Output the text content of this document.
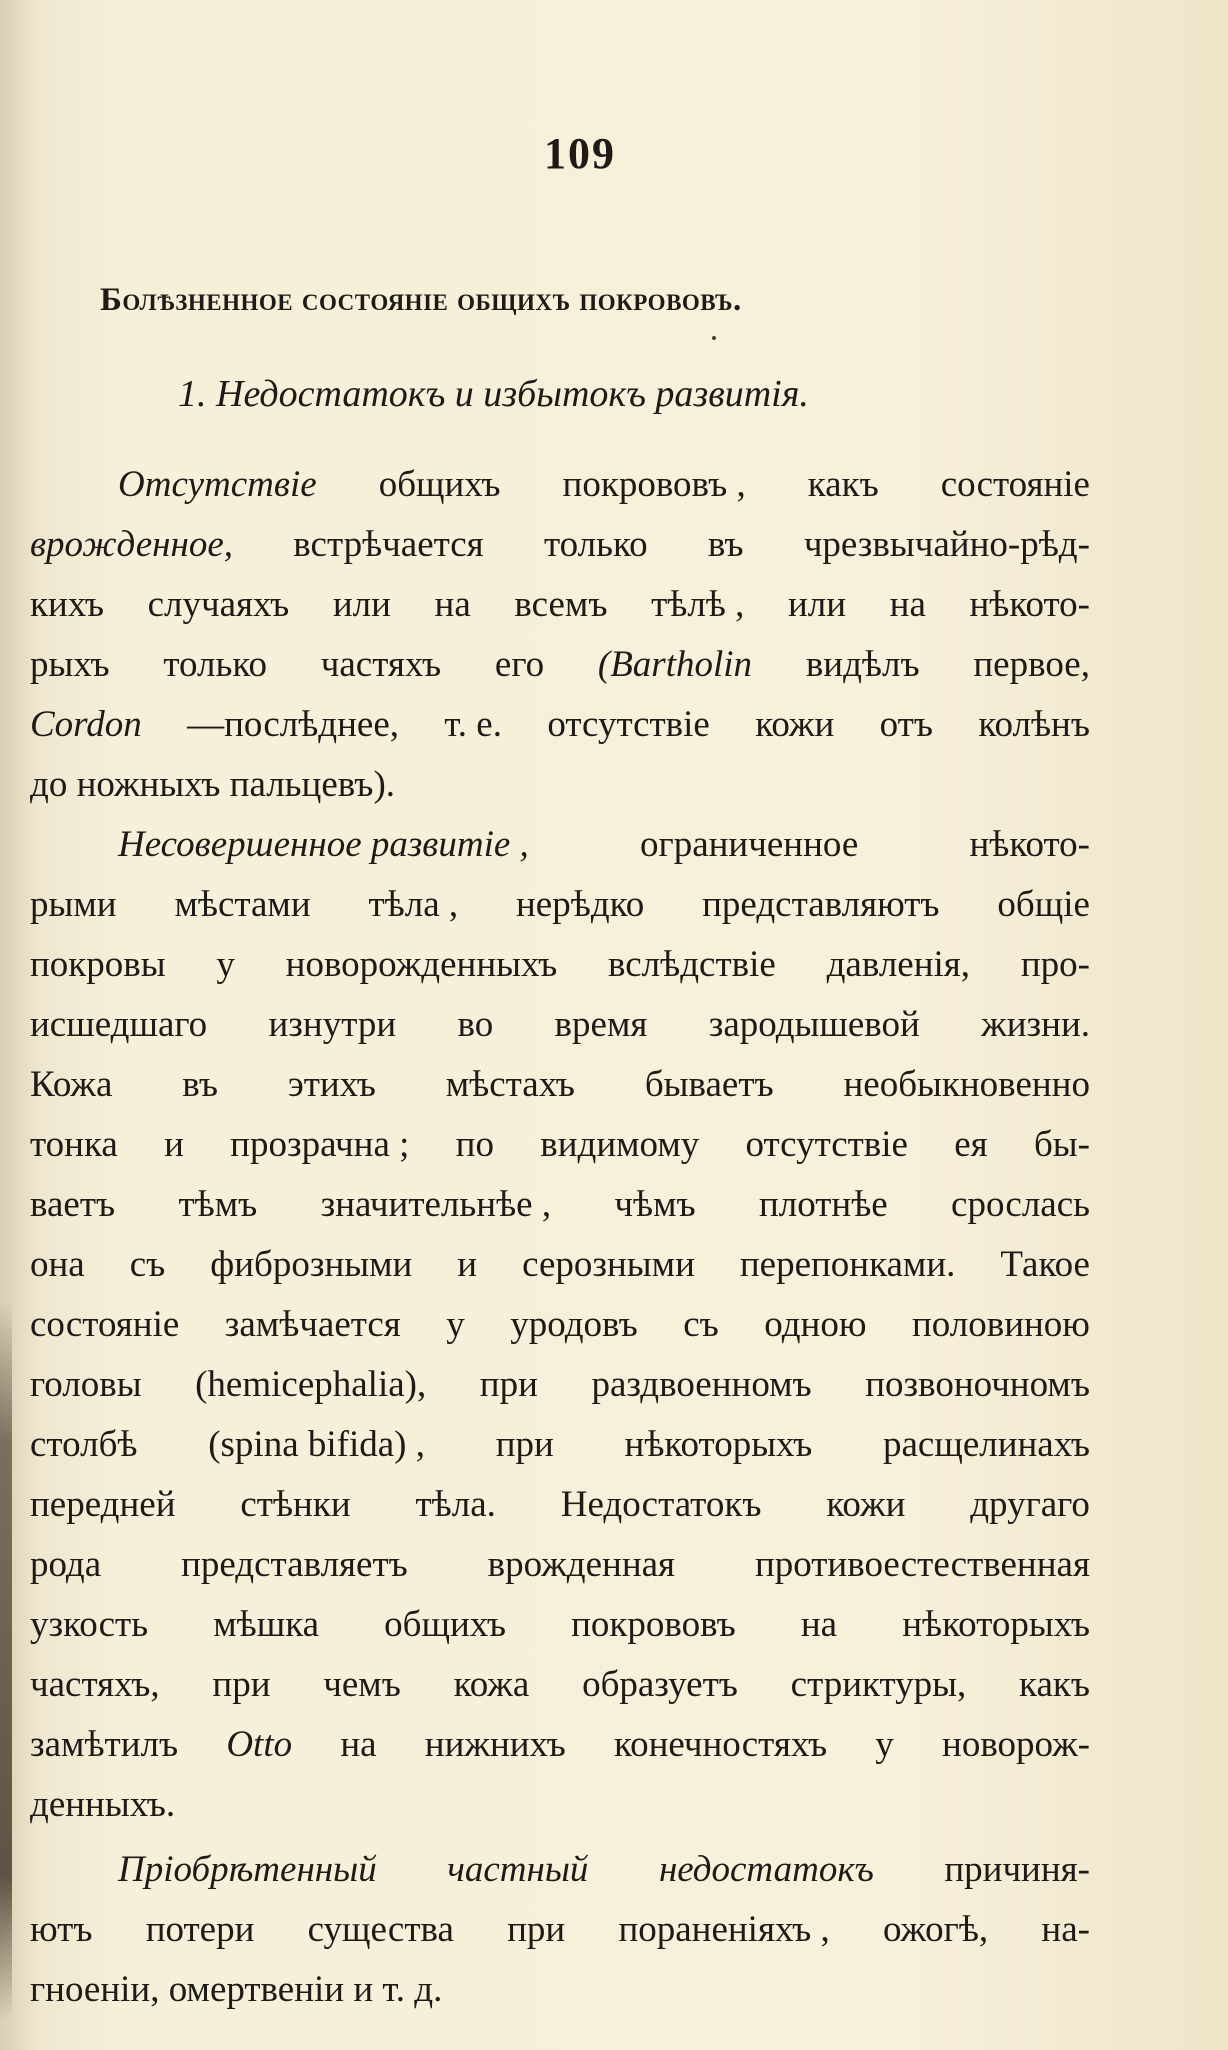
109
Болѣзненное состояніе общихъ покрововъ.
1. Недостатокъ и избытокъ развитія.
Отсутствіе общихъ покрововъ , какъ состояніе
врожденное, встрѣчается только въ чрезвычайно-рѣд-
кихъ случаяхъ или на всемъ тѣлѣ , или на нѣкото-
рыхъ только частяхъ его (Bartholin видѣлъ первое,
Cordon —послѣднее, т. е. отсутствіе кожи отъ колѣнъ
до ножныхъ пальцевъ).
Несовершенное развитіе ,	ограниченное	нѣкото-
рыми мѣстами тѣла , нерѣдко представляютъ общіе
покровы у новорожденныхъ вслѣдствіе давленія, про-
исшедшаго изнутри во время зародышевой жизни.
Кожа въ этихъ мѣстахъ бываетъ необыкновенно
тонка и прозрачна ; по видимому отсутствіе ея бы-
ваетъ тѣмъ значительнѣе , чѣмъ плотнѣе срослась
она съ фиброзными и серозными перепонками. Такое
состояніе замѣчается у уродовъ съ одною половиною
головы (hemicephalia), при раздвоенномъ позвоночномъ
столбѣ (spina bifida) , при нѣкоторыхъ расщелинахъ
передней стѣнки тѣла. Недостатокъ кожи другаго
рода представляетъ врожденная противоестественная
узкость мѣшка общихъ покрововъ на нѣкоторыхъ
частяхъ, при чемъ кожа образуетъ стриктуры, какъ
замѣтилъ Otto на нижнихъ конечностяхъ у новорож-
денныхъ.
Пріобрѣтенный частный недостатокъ причиня-
ютъ потери существа при пораненіяхъ , ожогѣ, на-
гноеніи, омертвеніи и т. д.
